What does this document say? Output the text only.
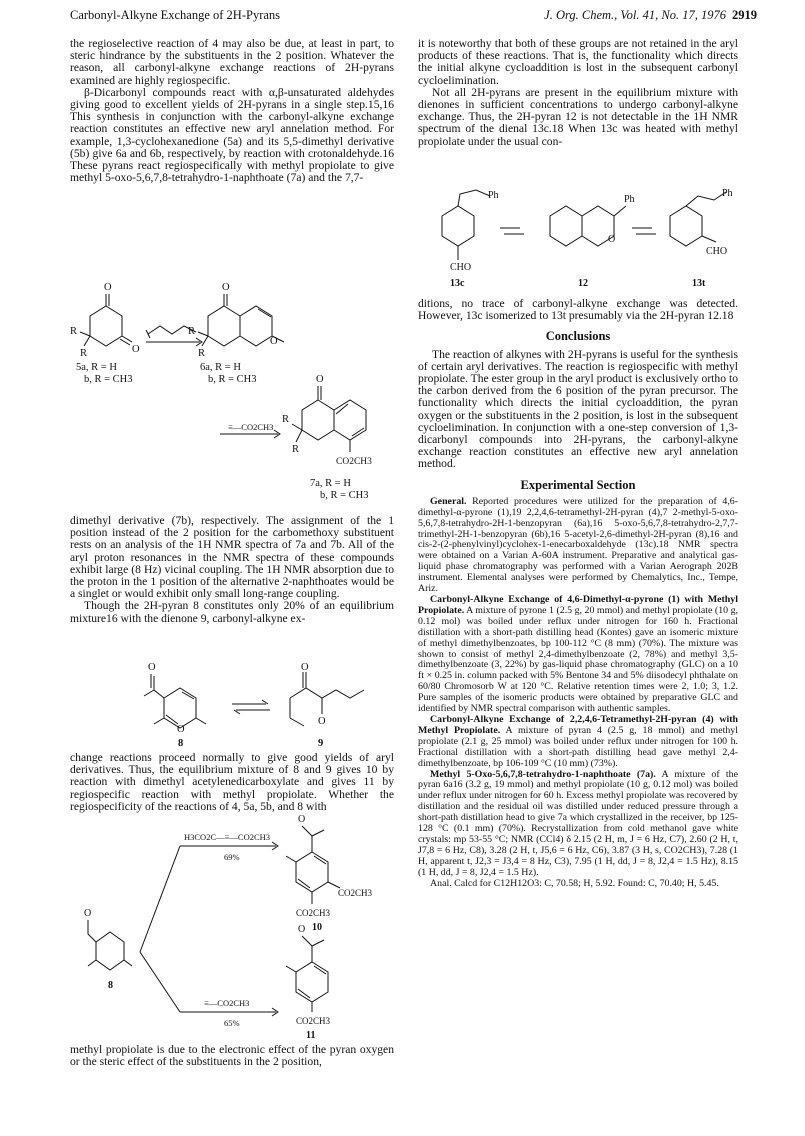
Carbonyl-Alkyne Exchange of 2H-Pyrans	J. Org. Chem., Vol. 41, No. 17, 1976 2919

the regioselective reaction of 4 may also be due, at least in part, to steric hindrance by the substituents in the 2 position. Whatever the reason, all carbonyl-alkyne exchange reactions of 2H-pyrans examined are highly regiospecific.

β-Dicarbonyl compounds react with α,β-unsaturated aldehydes giving good to excellent yields of 2H-pyrans in a single step.15,16 This synthesis in conjunction with the carbonyl-alkyne exchange reaction constitutes an effective new aryl annelation method. For example, 1,3-cyclohexanedione (5a) and its 5,5-dimethyl derivative (5b) give 6a and 6b, respectively, by reaction with crotonaldehyde.16 These pyrans react regiospecifically with methyl propiolate to give methyl 5-oxo-5,6,7,8-tetrahydro-1-naphthoate (7a) and the 7,7-

O
O
R
R
O
O
R
R
5a, R = H
b, R = CH3
6a, R = H
b, R = CH3
≡—CO2CH3
O
R
R
CO2CH3
7a, R = H
b, R = CH3

dimethyl derivative (7b), respectively. The assignment of the 1 position instead of the 2 position for the carbomethoxy substituent rests on an analysis of the 1H NMR spectra of 7a and 7b. All of the aryl proton resonances in the NMR spectra of these compounds exhibit large (8 Hz) vicinal coupling. The 1H NMR absorption due to the proton in the 1 position of the alternative 2-naphthoates would be a singlet or would exhibit only small long-range coupling.

Though the 2H-pyran 8 constitutes only 20% of an equilibrium mixture16 with the dienone 9, carbonyl-alkyne ex-

O
O
O
O
8	9

change reactions proceed normally to give good yields of aryl derivatives. Thus, the equilibrium mixture of 8 and 9 gives 10 by reaction with dimethyl acetylenedicarboxylate and gives 11 by regiospecific reaction with methyl propiolate. Whether the regiospecificity of the reactions of 4, 5a, 5b, and 8 with

O
8
H3CO2C—≡—CO2CH3
69%
≡—CO2CH3
65%
O
CO2CH3
CO2CH3
10
O
CO2CH3
11

methyl propiolate is due to the electronic effect of the pyran oxygen or the steric effect of the substituents in the 2 position,

it is noteworthy that both of these groups are not retained in the aryl products of these reactions. That is, the functionality which directs the initial alkyne cycloaddition is lost in the subsequent carbonyl cycloelimination.

Not all 2H-pyrans are present in the equilibrium mixture with dienones in sufficient concentrations to undergo carbonyl-alkyne exchange. Thus, the 2H-pyran 12 is not detectable in the 1H NMR spectrum of the dienal 13c.18 When 13c was heated with methyl propiolate under the usual con-

Ph
CHO
Ph
O
Ph
CHO
13c	12	13t

ditions, no trace of carbonyl-alkyne exchange was detected. However, 13c isomerized to 13t presumably via the 2H-pyran 12.18

Conclusions

The reaction of alkynes with 2H-pyrans is useful for the synthesis of certain aryl derivatives. The reaction is regiospecific with methyl propiolate. The ester group in the aryl product is exclusively ortho to the carbon derived from the 6 position of the pyran precursor. The functionality which directs the initial cycloaddition, the pyran oxygen or the substituents in the 2 position, is lost in the subsequent cycloelimination. In conjunction with a one-step conversion of 1,3-dicarbonyl compounds into 2H-pyrans, the carbonyl-alkyne exchange reaction constitutes an effective new aryl annelation method.

Experimental Section

General. Reported procedures were utilized for the preparation of 4,6-dimethyl-α-pyrone (1),19 2,2,4,6-tetramethyl-2H-pyran (4),7 2-methyl-5-oxo-5,6,7,8-tetrahydro-2H-1-benzopyran (6a),16 5-oxo-5,6,7,8-tetrahydro-2,7,7-trimethyl-2H-1-benzopyran (6b),16 5-acetyl-2,6-dimethyl-2H-pyran (8),16 and cis-2-(2-phenylvinyl)cyclohex-1-enecarboxaldehyde (13c).18 NMR spectra were obtained on a Varian A-60A instrument. Preparative and analytical gas-liquid phase chromatography was performed with a Varian Aerograph 202B instrument. Elemental analyses were performed by Chemalytics, Inc., Tempe, Ariz.

Carbonyl-Alkyne Exchange of 4,6-Dimethyl-α-pyrone (1) with Methyl Propiolate. A mixture of pyrone 1 (2.5 g, 20 mmol) and methyl propiolate (10 g, 0.12 mol) was boiled under reflux under nitrogen for 160 h. Fractional distillation with a short-path distilling head (Kontes) gave an isomeric mixture of methyl dimethylbenzoates, bp 100-112 °C (8 mm) (70%). The mixture was shown to consist of methyl 2,4-dimethylbenzoate (2, 78%) and methyl 3,5-dimethylbenzoate (3, 22%) by gas-liquid phase chromatography (GLC) on a 10 ft × 0.25 in. column packed with 5% Bentone 34 and 5% diisodecyl phthalate on 60/80 Chromosorb W at 120 °C. Relative retention times were 2, 1.0; 3, 1.2. Pure samples of the isomeric products were obtained by preparative GLC and identified by NMR spectral comparison with authentic samples.

Carbonyl-Alkyne Exchange of 2,2,4,6-Tetramethyl-2H-pyran (4) with Methyl Propiolate. A mixture of pyran 4 (2.5 g, 18 mmol) and methyl propiolate (2.1 g, 25 mmol) was boiled under reflux under nitrogen for 100 h. Fractional distillation with a short-path distilling head gave methyl 2,4-dimethylbenzoate, bp 106-109 °C (10 mm) (73%).

Methyl 5-Oxo-5,6,7,8-tetrahydro-1-naphthoate (7a). A mixture of the pyran 6a16 (3.2 g, 19 mmol) and methyl propiolate (10 g, 0.12 mol) was boiled under reflux under nitrogen for 60 h. Excess methyl propiolate was recovered by distillation and the residual oil was distilled under reduced pressure through a short-path distillation head to give 7a which crystallized in the receiver, bp 125-128 °C (0.1 mm) (70%). Recrystallization from cold methanol gave white crystals: mp 53-55 °C; NMR (CCl4) δ 2.15 (2 H, m, J = 6 Hz, C7), 2.60 (2 H, t, J7,8 = 6 Hz, C8), 3.28 (2 H, t, J5,6 = 6 Hz, C6), 3.87 (3 H, s, CO2CH3), 7.28 (1 H, apparent t, J2,3 = J3,4 = 8 Hz, C3), 7.95 (1 H, dd, J = 8, J2,4 = 1.5 Hz), 8.15 (1 H, dd, J = 8, J2,4 = 1.5 Hz).

Anal. Calcd for C12H12O3: C, 70.58; H, 5.92. Found: C, 70.40; H, 5.45.
